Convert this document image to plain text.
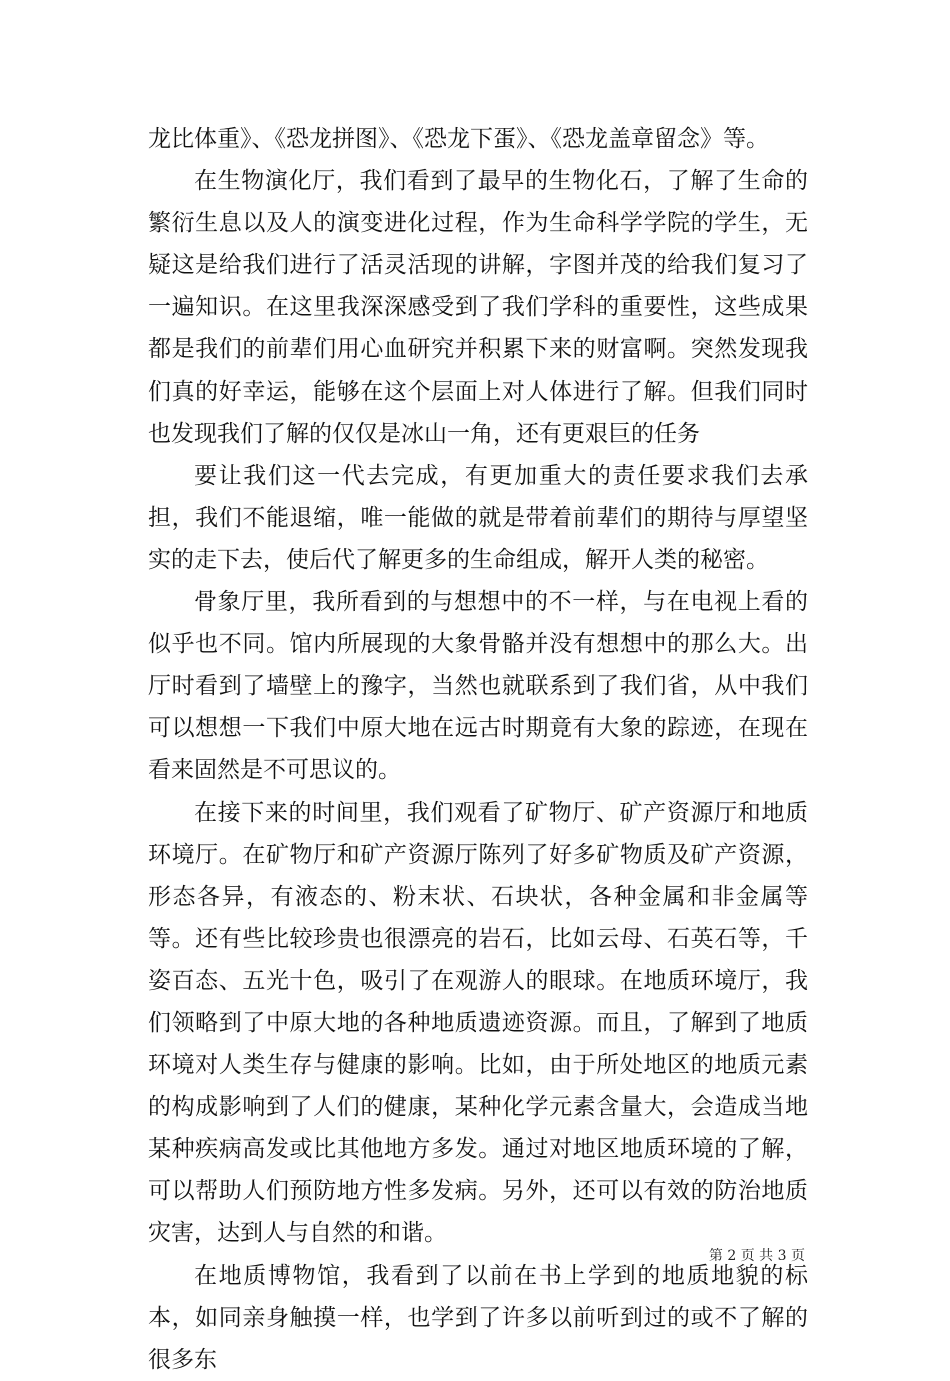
龙比体重》、《恐龙拼图》、《恐龙下蛋》、《恐龙盖章留念》等。

在生物演化厅，我们看到了最早的生物化石，了解了生命的繁衍生息以及人的演变进化过程，作为生命科学学院的学生，无疑这是给我们进行了活灵活现的讲解，字图并茂的给我们复习了一遍知识。在这里我深深感受到了我们学科的重要性，这些成果都是我们的前辈们用心血研究并积累下来的财富啊。突然发现我们真的好幸运，能够在这个层面上对人体进行了解。但我们同时也发现我们了解的仅仅是冰山一角，还有更艰巨的任务

要让我们这一代去完成，有更加重大的责任要求我们去承担，我们不能退缩，唯一能做的就是带着前辈们的期待与厚望坚实的走下去，使后代了解更多的生命组成，解开人类的秘密。

骨象厅里，我所看到的与想想中的不一样，与在电视上看的似乎也不同。馆内所展现的大象骨骼并没有想想中的那么大。出厅时看到了墙壁上的豫字，当然也就联系到了我们省，从中我们可以想想一下我们中原大地在远古时期竟有大象的踪迹，在现在看来固然是不可思议的。

在接下来的时间里，我们观看了矿物厅、矿产资源厅和地质环境厅。在矿物厅和矿产资源厅陈列了好多矿物质及矿产资源，形态各异，有液态的、粉末状、石块状，各种金属和非金属等等。还有些比较珍贵也很漂亮的岩石，比如云母、石英石等，千姿百态、五光十色，吸引了在观游人的眼球。在地质环境厅，我们领略到了中原大地的各种地质遗迹资源。而且，了解到了地质环境对人类生存与健康的影响。比如，由于所处地区的地质元素的构成影响到了人们的健康，某种化学元素含量大，会造成当地某种疾病高发或比其他地方多发。通过对地区地质环境的了解，可以帮助人们预防地方性多发病。另外，还可以有效的防治地质灾害，达到人与自然的和谐。

在地质博物馆，我看到了以前在书上学到的地质地貌的标本，如同亲身触摸一样，也学到了许多以前听到过的或不了解的很多东

第 2 页 共 3 页
